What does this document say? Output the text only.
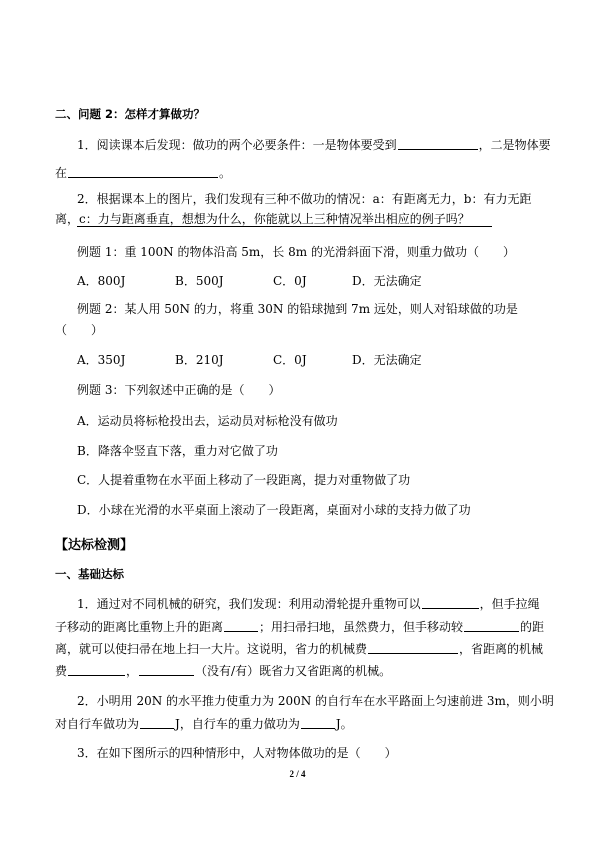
二、问题 2：怎样才算做功？
1．阅读课本后发现：做功的两个必要条件：一是物体要受到	，二是物体要
在	。
2．根据课本上的图片，我们发现有三种不做功的情况：a：有距离无力，b：有力无距
离，c：力与距离垂直，想想为什么，你能就以上三种情况举出相应的例子吗？
例题 1：重 100N 的物体沿高 5m，长 8m 的光滑斜面下滑，则重力做功（　　）
A．800J	B．500J	C．0J	D．无法确定
例题 2：某人用 50N 的力，将重 30N 的铅球抛到 7m 远处，则人对铅球做的功是
（　　）
A．350J	B．210J	C．0J	D．无法确定
例题 3：下列叙述中正确的是（　　）
A．运动员将标枪投出去，运动员对标枪没有做功
B．降落伞竖直下落，重力对它做了功
C．人提着重物在水平面上移动了一段距离，提力对重物做了功
D．小球在光滑的水平桌面上滚动了一段距离，桌面对小球的支持力做了功
【达标检测】
一、基础达标
1．通过对不同机械的研究，我们发现：利用动滑轮提升重物可以	，但手拉绳
子移动的距离比重物上升的距离	；用扫帚扫地，虽然费力，但手移动较	的距
离，就可以使扫帚在地上扫一大片。这说明，省力的机械费	，省距离的机械
费	，	（没有/有）既省力又省距离的机械。
2．小明用 20N 的水平推力使重力为 200N 的自行车在水平路面上匀速前进 3m，则小明
对自行车做功为	J，自行车的重力做功为	J。
3．在如下图所示的四种情形中，人对物体做功的是（　　）
2 / 4
